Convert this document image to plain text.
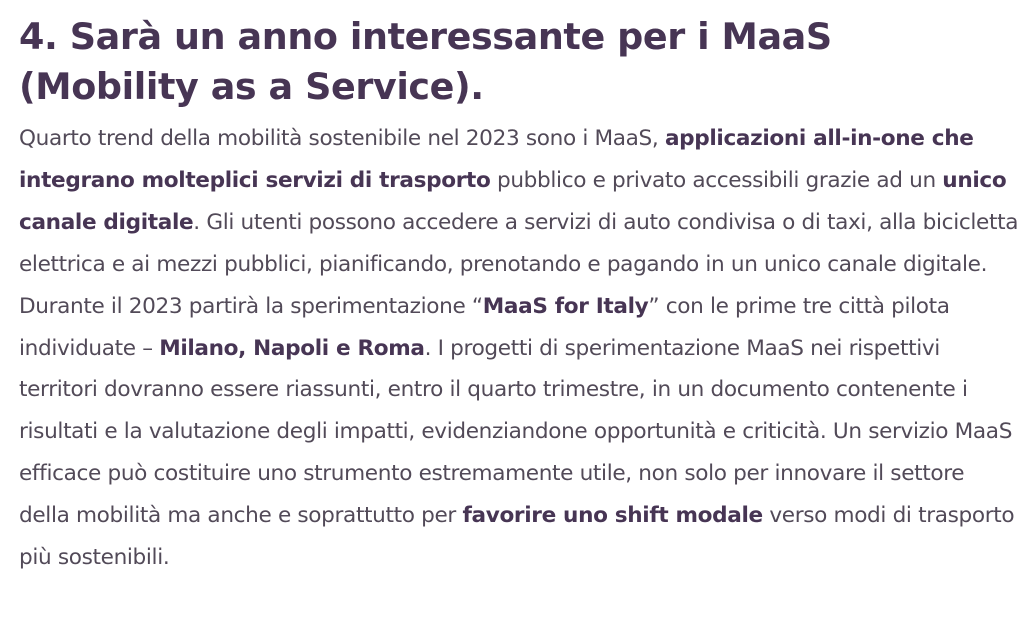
4. Sarà un anno interessante per i MaaS (Mobility as a Service).

Quarto trend della mobilità sostenibile nel 2023 sono i MaaS, applicazioni all-in-one che integrano molteplici servizi di trasporto pubblico e privato accessibili grazie ad un unico canale digitale. Gli utenti possono accedere a servizi di auto condivisa o di taxi, alla bicicletta elettrica e ai mezzi pubblici, pianificando, prenotando e pagando in un unico canale digitale. Durante il 2023 partirà la sperimentazione “MaaS for Italy” con le prime tre città pilota individuate – Milano, Napoli e Roma. I progetti di sperimentazione MaaS nei rispettivi territori dovranno essere riassunti, entro il quarto trimestre, in un documento contenente i risultati e la valutazione degli impatti, evidenziandone opportunità e criticità. Un servizio MaaS efficace può costituire uno strumento estremamente utile, non solo per innovare il settore della mobilità ma anche e soprattutto per favorire uno shift modale verso modi di trasporto più sostenibili.
